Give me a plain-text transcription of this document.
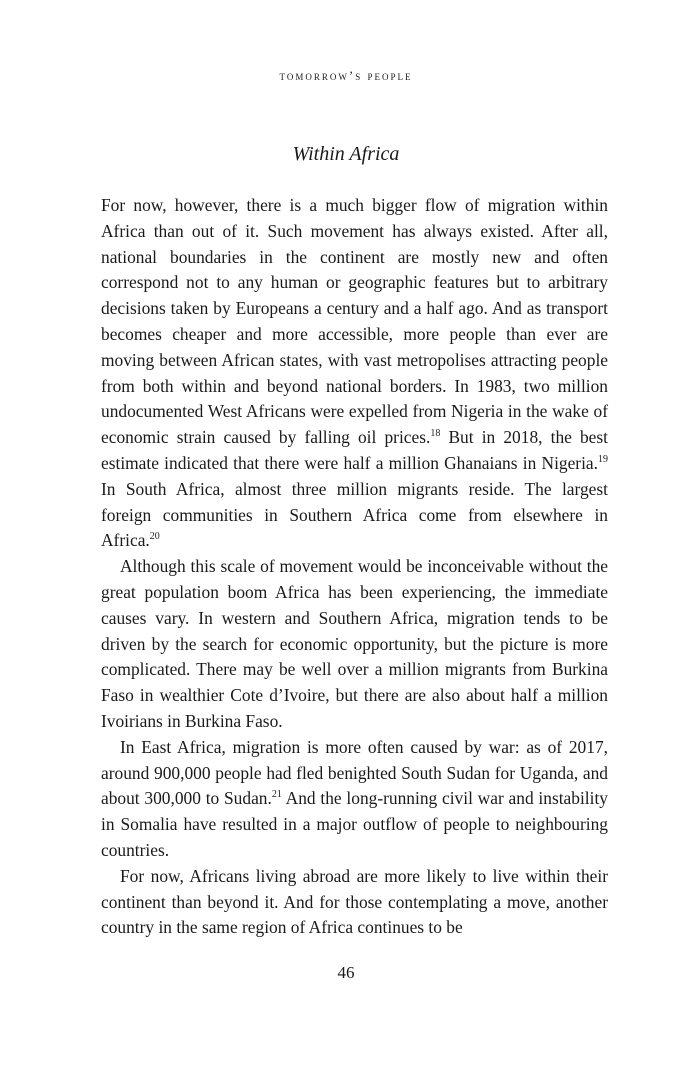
tomorrow’s people
Within Africa

For now, however, there is a much bigger flow of migration within Africa than out of it. Such movement has always existed. After all, national boundaries in the continent are mostly new and often correspond not to any human or geographic features but to arbitrary decisions taken by Europeans a century and a half ago. And as transport becomes cheaper and more accessible, more people than ever are moving between African states, with vast metropolises attracting people from both within and beyond national borders. In 1983, two million undocumented West Africans were expelled from Nigeria in the wake of economic strain caused by falling oil prices.$^{18}$ But in 2018, the best estimate indicated that there were half a million Ghanaians in Nigeria.$^{19}$ In South Africa, almost three million migrants reside. The largest foreign communities in Southern Africa come from elsewhere in Africa.$^{20}$

Although this scale of movement would be inconceivable without the great population boom Africa has been experiencing, the immediate causes vary. In western and Southern Africa, migration tends to be driven by the search for economic opportunity, but the picture is more complicated. There may be well over a million migrants from Burkina Faso in wealthier Cote d’Ivoire, but there are also about half a million Ivoirians in Burkina Faso.

In East Africa, migration is more often caused by war: as of 2017, around 900,000 people had fled benighted South Sudan for Uganda, and about 300,000 to Sudan.$^{21}$ And the long-running civil war and instability in Somalia have resulted in a major outflow of people to neighbouring countries.

For now, Africans living abroad are more likely to live within their continent than beyond it. And for those contemplating a move, another country in the same region of Africa continues to be

46
